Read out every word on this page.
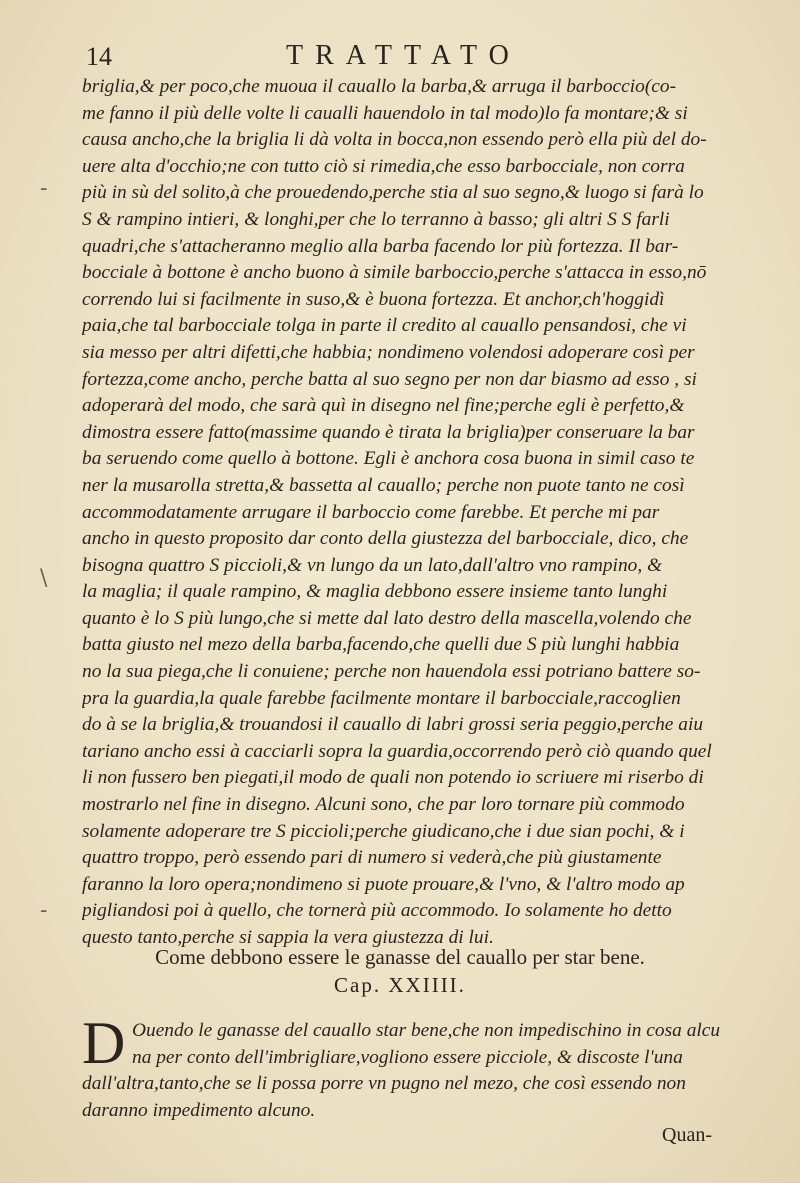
14	TRATTATO
-
\
-
briglia,& per poco,che muoua il cauallo la barba,& arruga il barboccio(co-
me fanno il più delle volte li caualli hauendolo in tal modo)lo fa montare;& si
causa ancho,che la briglia li dà volta in bocca,non essendo però ella più del do-
uere alta d'occhio;ne con tutto ciò si rimedia,che esso barbocciale, non corra
più in sù del solito,à che prouedendo,perche stia al suo segno,& luogo si farà lo
S & rampino intieri, & longhi,per che lo terranno à basso; gli altri S S farli
quadri,che s'attacheranno meglio alla barba facendo lor più fortezza. Il bar-
bocciale à bottone è ancho buono à simile barboccio,perche s'attacca in esso,nō
correndo lui si facilmente in suso,& è buona fortezza. Et anchor,ch'hoggidì
paia,che tal barbocciale tolga in parte il credito al cauallo pensandosi, che vi
sia messo per altri difetti,che habbia; nondimeno volendosi adoperare così per
fortezza,come ancho, perche batta al suo segno per non dar biasmo ad esso , si
adoperarà del modo, che sarà quì in disegno nel fine;perche egli è perfetto,&
dimostra essere fatto(massime quando è tirata la briglia)per conseruare la bar
ba seruendo come quello à bottone. Egli è anchora cosa buona in simil caso te
ner la musarolla stretta,& bassetta al cauallo; perche non puote tanto ne così
accommodatamente arrugare il barboccio come farebbe. Et perche mi par
ancho in questo proposito dar conto della giustezza del barbocciale, dico, che
bisogna quattro S piccioli,& vn lungo da un lato,dall'altro vno rampino, &
la maglia; il quale rampino, & maglia debbono essere insieme tanto lunghi
quanto è lo S più lungo,che si mette dal lato destro della mascella,volendo che
batta giusto nel mezo della barba,facendo,che quelli due S più lunghi habbia
no la sua piega,che li conuiene; perche non hauendola essi potriano battere so-
pra la guardia,la quale farebbe facilmente montare il barbocciale,raccoglien
do à se la briglia,& trouandosi il cauallo di labri grossi seria peggio,perche aiu
tariano ancho essi à cacciarli sopra la guardia,occorrendo però ciò quando quel
li non fussero ben piegati,il modo de quali non potendo io scriuere mi riserbo di
mostrarlo nel fine in disegno. Alcuni sono, che par loro tornare più commodo
solamente adoperare tre S piccioli;perche giudicano,che i due sian pochi, & i
quattro troppo, però essendo pari di numero si vederà,che più giustamente
faranno la loro opera;nondimeno si puote prouare,& l'vno, & l'altro modo ap
pigliandosi poi à quello, che tornerà più accommodo. Io solamente ho detto
questo tanto,perche si sappia la vera giustezza di lui.
Come debbono essere le ganasse del cauallo per star bene.
Cap. XXIIII.
D Ouendo le ganasse del cauallo star bene,che non impedischino in cosa alcu
na per conto dell'imbrigliare,vogliono essere picciole, & discoste l'una
dall'altra,tanto,che se li possa porre vn pugno nel mezo, che così essendo non
daranno impedimento alcuno.
Quan-
